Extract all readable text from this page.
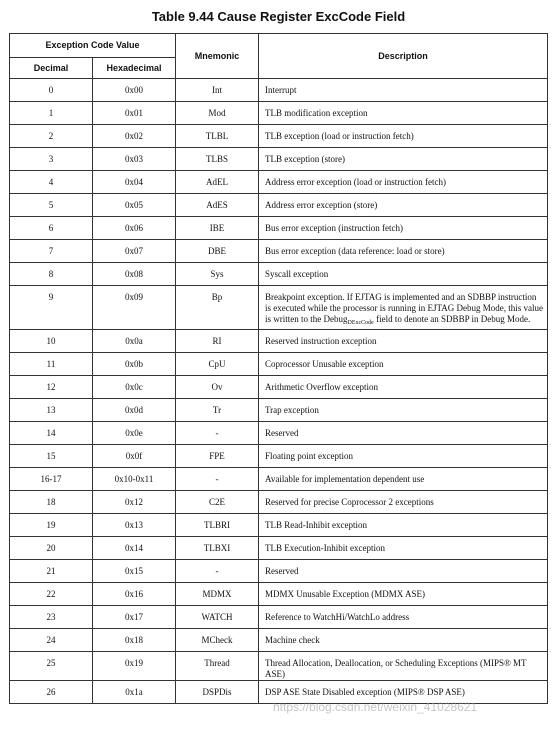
Table 9.44 Cause Register ExcCode Field
Exception Code Value		Mnemonic	Description
Decimal	Hexadecimal		
0	0x00	Int	Interrupt
1	0x01	Mod	TLB modification exception
2	0x02	TLBL	TLB exception (load or instruction fetch)
3	0x03	TLBS	TLB exception (store)
4	0x04	AdEL	Address error exception (load or instruction fetch)
5	0x05	AdES	Address error exception (store)
6	0x06	IBE	Bus error exception (instruction fetch)
7	0x07	DBE	Bus error exception (data reference: load or store)
8	0x08	Sys	Syscall exception
9	0x09	Bp	Breakpoint exception. If EJTAG is implemented and an SDBBP instruction is executed while the processor is running in EJTAG Debug Mode, this value is written to the Debug$_{DExcCode}$ field to denote an SDBBP in Debug Mode.
10	0x0a	RI	Reserved instruction exception
11	0x0b	CpU	Coprocessor Unusable exception
12	0x0c	Ov	Arithmetic Overflow exception
13	0x0d	Tr	Trap exception
14	0x0e	-	Reserved
15	0x0f	FPE	Floating point exception
16-17	0x10-0x11	-	Available for implementation dependent use
18	0x12	C2E	Reserved for precise Coprocessor 2 exceptions
19	0x13	TLBRI	TLB Read-Inhibit exception
20	0x14	TLBXI	TLB Execution-Inhibit exception
21	0x15	-	Reserved
22	0x16	MDMX	MDMX Unusable Exception (MDMX ASE)
23	0x17	WATCH	Reference to WatchHi/WatchLo address
24	0x18	MCheck	Machine check
25	0x19	Thread	Thread Allocation, Deallocation, or Scheduling Exceptions (MIPS® MT ASE)
26	0x1a	DSPDis	DSP ASE State Disabled exception (MIPS® DSP ASE)
https://blog.csdn.net/weixin_41028621
